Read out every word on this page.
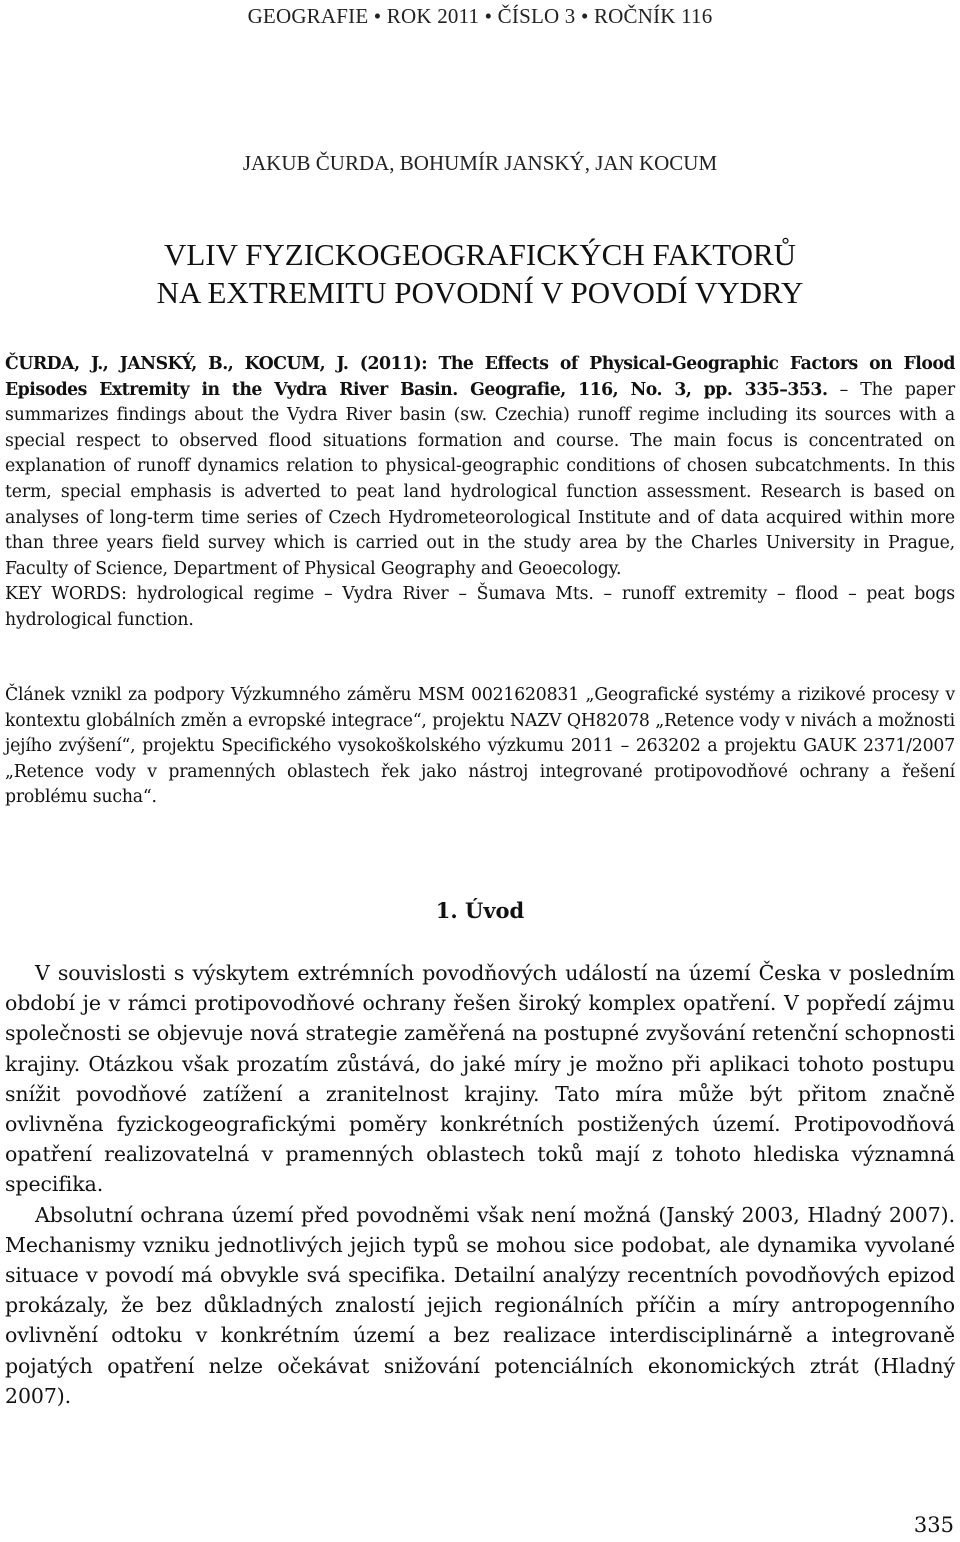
GEOGRAFIE • ROK 2011 • ČÍSLO 3 • ROČNÍK 116
JAKUB ČURDA, BOHUMÍR JANSKÝ, JAN KOCUM
VLIV FYZICKOGEOGRAFICKÝCH FAKTORŮ
NA EXTREMITU POVODNÍ V POVODÍ VYDRY
ČURDA, J., JANSKÝ, B., KOCUM, J. (2011): The Effects of Physical-Geographic Factors on Flood Episodes Extremity in the Vydra River Basin. Geografie, 116, No. 3, pp. 335–353. – The paper summarizes findings about the Vydra River basin (sw. Czechia) runoff regime including its sources with a special respect to observed flood situations formation and course. The main focus is concentrated on explanation of runoff dynamics relation to physical-geographic conditions of chosen subcatchments. In this term, special emphasis is adverted to peat land hydrological function assessment. Research is based on analyses of long-term time series of Czech Hydrometeorological Institute and of data acquired within more than three years field survey which is carried out in the study area by the Charles University in Prague, Faculty of Science, Department of Physical Geography and Geoecology.
KEY WORDS: hydrological regime – Vydra River – Šumava Mts. – runoff extremity – flood – peat bogs hydrological function.
Článek vznikl za podpory Výzkumného záměru MSM 0021620831 „Geografické systémy a rizikové procesy v kontextu globálních změn a evropské integrace“, projektu NAZV QH82078 „Retence vody v nivách a možnosti jejího zvýšení“, projektu Specifického vysokoškolského výzkumu 2011 – 263202 a projektu GAUK 2371/2007 „Retence vody v pramenných oblastech řek jako nástroj integrované protipovodňové ochrany a řešení problému sucha“.
1. Úvod

V souvislosti s výskytem extrémních povodňových událostí na území Česka v posledním období je v rámci protipovodňové ochrany řešen široký komplex opatření. V popředí zájmu společnosti se objevuje nová strategie zaměřená na postupné zvyšování retenční schopnosti krajiny. Otázkou však prozatím zůstává, do jaké míry je možno při aplikaci tohoto postupu snížit povodňové zatížení a zranitelnost krajiny. Tato míra může být přitom značně ovlivněna fyzickogeografickými poměry konkrétních postižených území. Protipovodňová opatření realizovatelná v pramenných oblastech toků mají z tohoto hlediska významná specifika.

Absolutní ochrana území před povodněmi však není možná (Janský 2003, Hladný 2007). Mechanismy vzniku jednotlivých jejich typů se mohou sice podobat, ale dynamika vyvolané situace v povodí má obvykle svá specifika. Detailní analýzy recentních povodňových epizod prokázaly, že bez důkladných znalostí jejich regionálních příčin a míry antropogenního ovlivnění odtoku v konkrétním území a bez realizace interdisciplinárně a integrovaně pojatých opatření nelze očekávat snižování potenciálních ekonomických ztrát (Hladný 2007).

335
